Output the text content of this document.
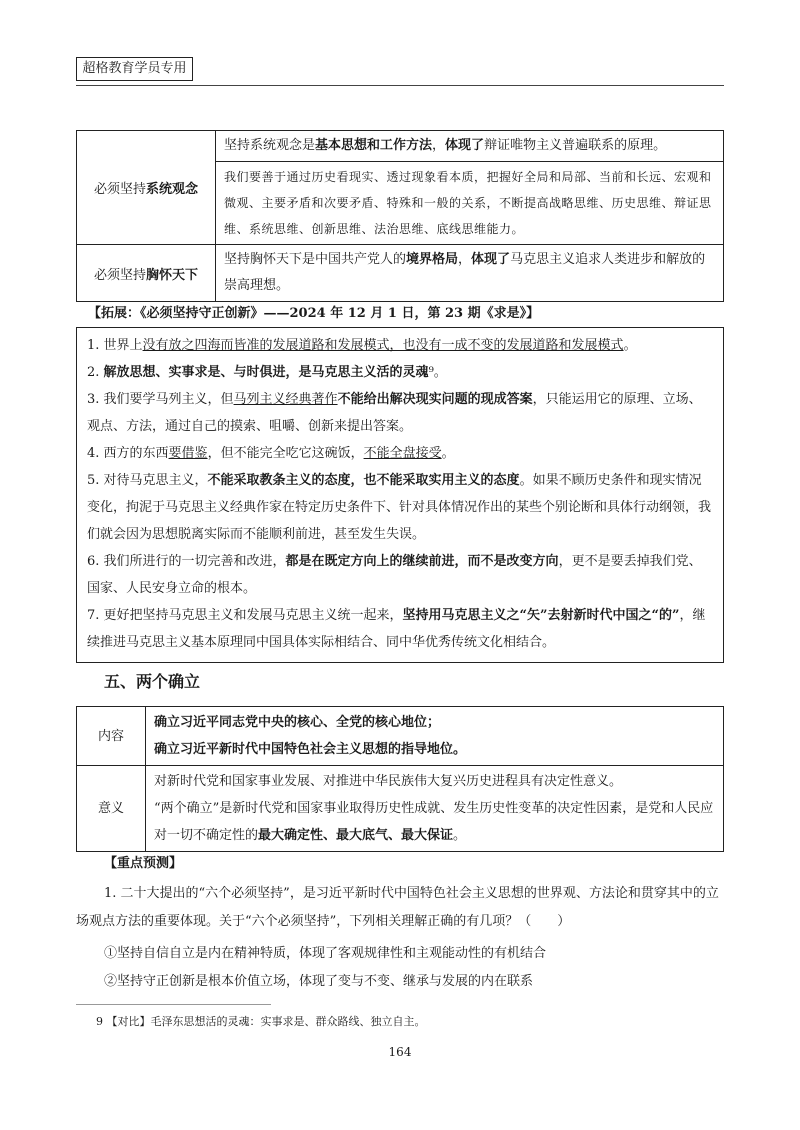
超格教育学员专用
必须坚持系统观念	坚持系统观念是基本思想和工作方法，体现了辩证唯物主义普遍联系的原理。
	我们要善于通过历史看现实、透过现象看本质，把握好全局和局部、当前和长远、宏观和微观、主要矛盾和次要矛盾、特殊和一般的关系，不断提高战略思维、历史思维、辩证思维、系统思维、创新思维、法治思维、底线思维能力。
必须坚持胸怀天下	坚持胸怀天下是中国共产党人的境界格局，体现了马克思主义追求人类进步和解放的崇高理想。
【拓展：《必须坚持守正创新》——2024 年 12 月 1 日，第 23 期《求是》】

1. 世界上没有放之四海而皆准的发展道路和发展模式，也没有一成不变的发展道路和发展模式。

2. 解放思想、实事求是、与时俱进，是马克思主义活的灵魂⁹。

3. 我们要学马列主义，但马列主义经典著作不能给出解决现实问题的现成答案，只能运用它的原理、立场、观点、方法，通过自己的摸索、咀嚼、创新来提出答案。

4. 西方的东西要借鉴，但不能完全吃它这碗饭，不能全盘接受。

5. 对待马克思主义，不能采取教条主义的态度，也不能采取实用主义的态度。如果不顾历史条件和现实情况变化，拘泥于马克思主义经典作家在特定历史条件下、针对具体情况作出的某些个别论断和具体行动纲领，我们就会因为思想脱离实际而不能顺利前进，甚至发生失误。

6. 我们所进行的一切完善和改进，都是在既定方向上的继续前进，而不是改变方向，更不是要丢掉我们党、国家、人民安身立命的根本。

7. 更好把坚持马克思主义和发展马克思主义统一起来，坚持用马克思主义之“矢”去射新时代中国之“的”，继续推进马克思主义基本原理同中国具体实际相结合、同中华优秀传统文化相结合。

五、两个确立
内容	确立习近平同志党中央的核心、全党的核心地位；
确立习近平新时代中国特色社会主义思想的指导地位。

意义	对新时代党和国家事业发展、对推进中华民族伟大复兴历史进程具有决定性意义。
“两个确立”是新时代党和国家事业取得历史性成就、发生历史性变革的决定性因素，是党和人民应对一切不确定性的最大确定性、最大底气、最大保证。
【重点预测】
1. 二十大提出的“六个必须坚持”，是习近平新时代中国特色社会主义思想的世界观、方法论和贯穿其中的立场观点方法的重要体现。关于“六个必须坚持”，下列相关理解正确的有几项？（　　）
①坚持自信自立是内在精神特质，体现了客观规律性和主观能动性的有机结合
②坚持守正创新是根本价值立场，体现了变与不变、继承与发展的内在联系
9 【对比】毛泽东思想活的灵魂：实事求是、群众路线、独立自主。
164
